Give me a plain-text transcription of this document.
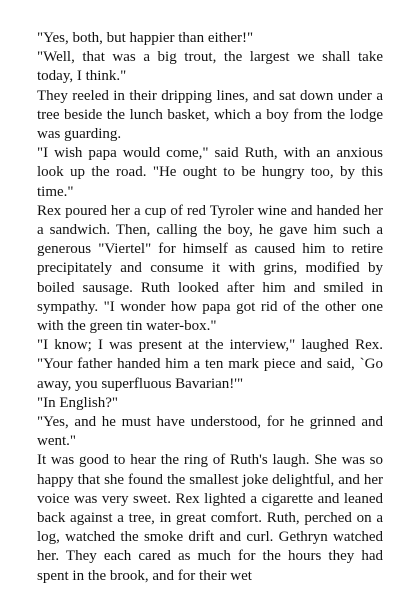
"Yes, both, but happier than either!"

"Well, that was a big trout, the largest we shall take today, I think."

They reeled in their dripping lines, and sat down under a tree beside the lunch basket, which a boy from the lodge was guarding.

"I wish papa would come," said Ruth, with an anxious look up the road. "He ought to be hungry too, by this time."

Rex poured her a cup of red Tyroler wine and handed her a sandwich. Then, calling the boy, he gave him such a generous "Viertel" for himself as caused him to retire precipitately and consume it with grins, modified by boiled sausage. Ruth looked after him and smiled in sympathy. "I wonder how papa got rid of the other one with the green tin water-box."

"I know; I was present at the interview," laughed Rex. "Your father handed him a ten mark piece and said, `Go away, you superfluous Bavarian!'"

"In English?"

"Yes, and he must have understood, for he grinned and went."

It was good to hear the ring of Ruth's laugh. She was so happy that she found the smallest joke delightful, and her voice was very sweet. Rex lighted a cigarette and leaned back against a tree, in great comfort. Ruth, perched on a log, watched the smoke drift and curl. Gethryn watched her. They each cared as much for the hours they had spent in the brook, and for their wet
